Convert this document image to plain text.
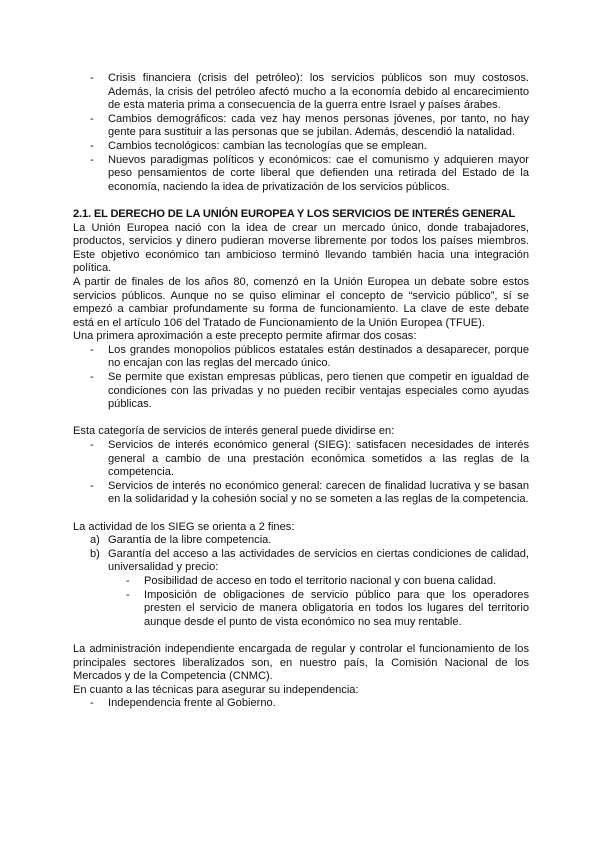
-	Crisis financiera (crisis del petróleo): los servicios públicos son muy costosos. Además, la crisis del petróleo afectó mucho a la economía debido al encarecimiento de esta materia prima a consecuencia de la guerra entre Israel y países árabes.
-	Cambios demográficos: cada vez hay menos personas jóvenes, por tanto, no hay gente para sustituir a las personas que se jubilan. Además, descendió la natalidad.
-	Cambios tecnológicos: cambian las tecnologías que se emplean.
-	Nuevos paradigmas políticos y económicos: cae el comunismo y adquieren mayor peso pensamientos de corte liberal que defienden una retirada del Estado de la economía, naciendo la idea de privatización de los servicios públicos.
2.1. EL DERECHO DE LA UNIÓN EUROPEA Y LOS SERVICIOS DE INTERÉS GENERAL

La Unión Europea nació con la idea de crear un mercado único, donde trabajadores, productos, servicios y dinero pudieran moverse libremente por todos los países miembros. Este objetivo económico tan ambicioso terminó llevando también hacia una integración política.

A partir de finales de los años 80, comenzó en la Unión Europea un debate sobre estos servicios públicos. Aunque no se quiso eliminar el concepto de “servicio público”, sí se empezó a cambiar profundamente su forma de funcionamiento. La clave de este debate está en el artículo 106 del Tratado de Funcionamiento de la Unión Europea (TFUE).

Una primera aproximación a este precepto permite afirmar dos cosas:

-	Los grandes monopolios públicos estatales están destinados a desaparecer, porque no encajan con las reglas del mercado único.
-	Se permite que existan empresas públicas, pero tienen que competir en igualdad de condiciones con las privadas y no pueden recibir ventajas especiales como ayudas públicas.

Esta categoría de servicios de interés general puede dividirse en:

-	Servicios de interés económico general (SIEG): satisfacen necesidades de interés general a cambio de una prestación económica sometidos a las reglas de la competencia.
-	Servicios de interés no económico general: carecen de finalidad lucrativa y se basan en la solidaridad y la cohesión social y no se someten a las reglas de la competencia.

La actividad de los SIEG se orienta a 2 fines:

a) Garantía de la libre competencia.
b) Garantía del acceso a las actividades de servicios en ciertas condiciones de calidad, universalidad y precio:
-	Posibilidad de acceso en todo el territorio nacional y con buena calidad.
-	Imposición de obligaciones de servicio público para que los operadores presten el servicio de manera obligatoria en todos los lugares del territorio aunque desde el punto de vista económico no sea muy rentable.

La administración independiente encargada de regular y controlar el funcionamiento de los principales sectores liberalizados son, en nuestro país, la Comisión Nacional de los Mercados y de la Competencia (CNMC).

En cuanto a las técnicas para asegurar su independencia:

-	Independencia frente al Gobierno.
